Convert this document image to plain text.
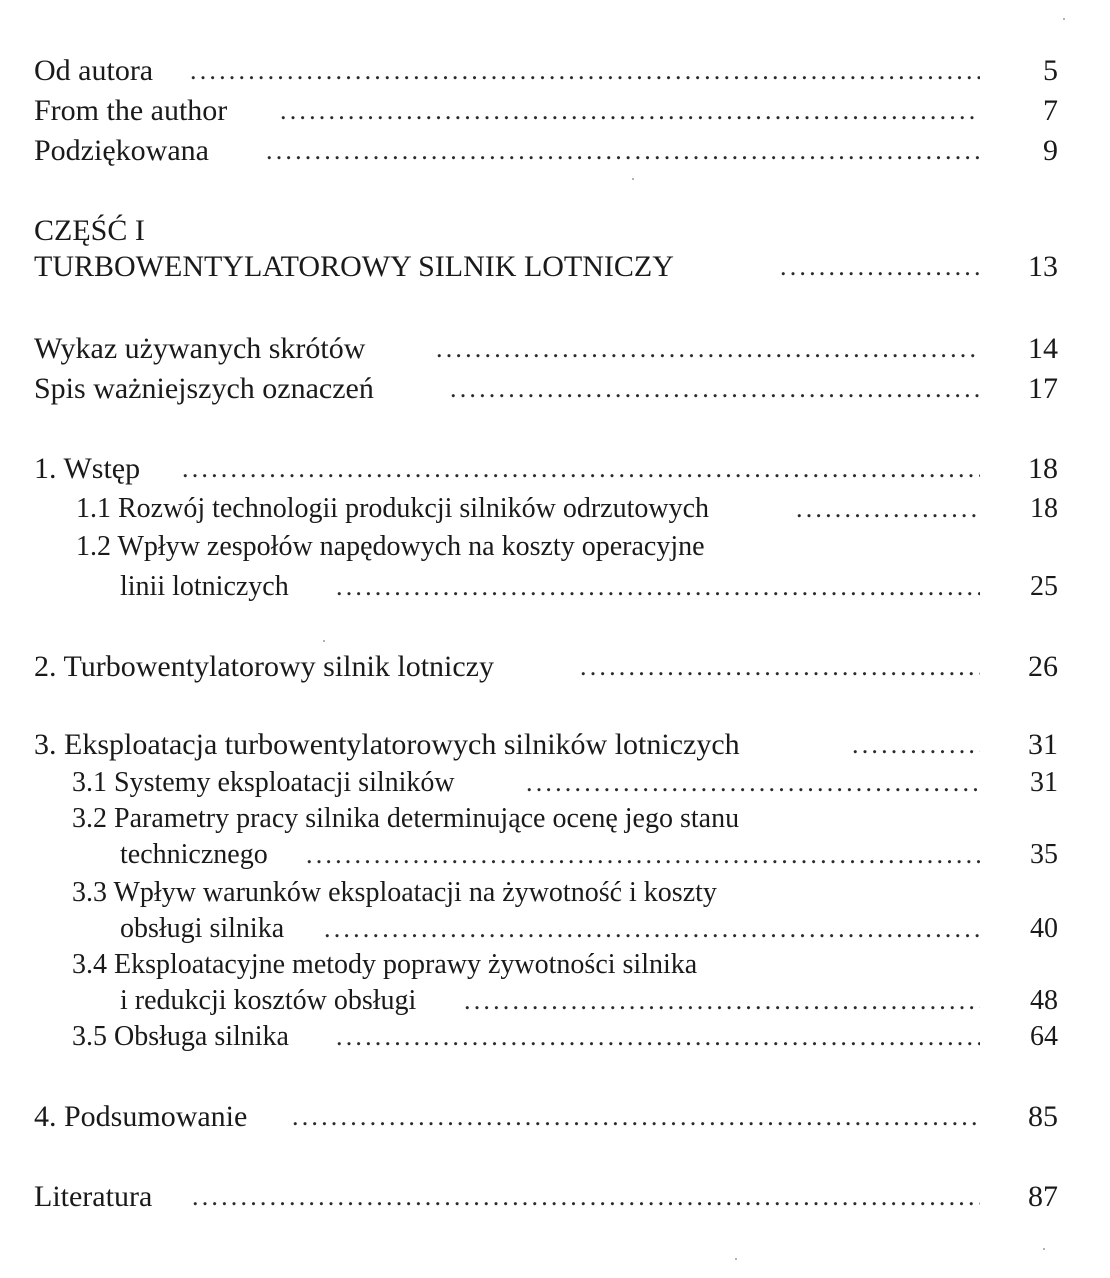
Od autora .....	5
From the author .....	7
Podziękowana .....	9
CZĘŚĆ I
TURBOWENTYLATOROWY SILNIK LOTNICZY .....	13
Wykaz używanych skrótów .....	14
Spis ważniejszych oznaczeń .....	17
1. Wstęp .....	18
1.1 Rozwój technologii produkcji silników odrzutowych .....	18
1.2 Wpływ zespołów napędowych na koszty operacyjne
linii lotniczych .....	25
2. Turbowentylatorowy silnik lotniczy .....	26
3. Eksploatacja turbowentylatorowych silników lotniczych .....	31
3.1 Systemy eksploatacji silników .....	31
3.2 Parametry pracy silnika determinujące ocenę jego stanu
technicznego .....	35
3.3 Wpływ warunków eksploatacji na żywotność i koszty
obsługi silnika .....	40
3.4 Eksploatacyjne metody poprawy żywotności silnika
i redukcji kosztów obsługi .....	48
3.5 Obsługa silnika .....	64
4. Podsumowanie .....	85
Literatura .....	87
